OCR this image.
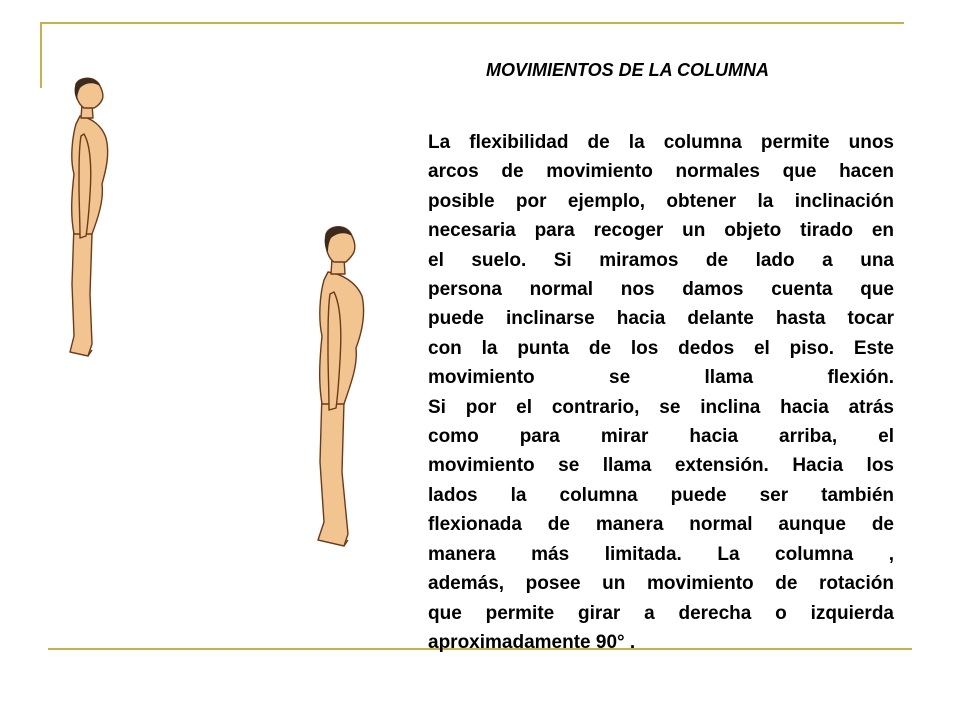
MOVIMIENTOS DE LA COLUMNA
La flexibilidad de la columna permite unos
arcos de movimiento normales que hacen
posible por ejemplo, obtener la inclinación
necesaria para recoger un objeto tirado en
el suelo. Si miramos de lado a una
persona normal nos damos cuenta que
puede inclinarse hacia delante hasta tocar
con la punta de los dedos el piso. Este
movimiento se llama flexión.
Si por el contrario, se inclina hacia atrás
como para mirar hacia arriba, el
movimiento se llama extensión. Hacia los
lados la columna puede ser también
flexionada de manera normal aunque de
manera más limitada. La columna ,
además, posee un movimiento de rotación
que permite girar a derecha o izquierda
aproximadamente 90° .
